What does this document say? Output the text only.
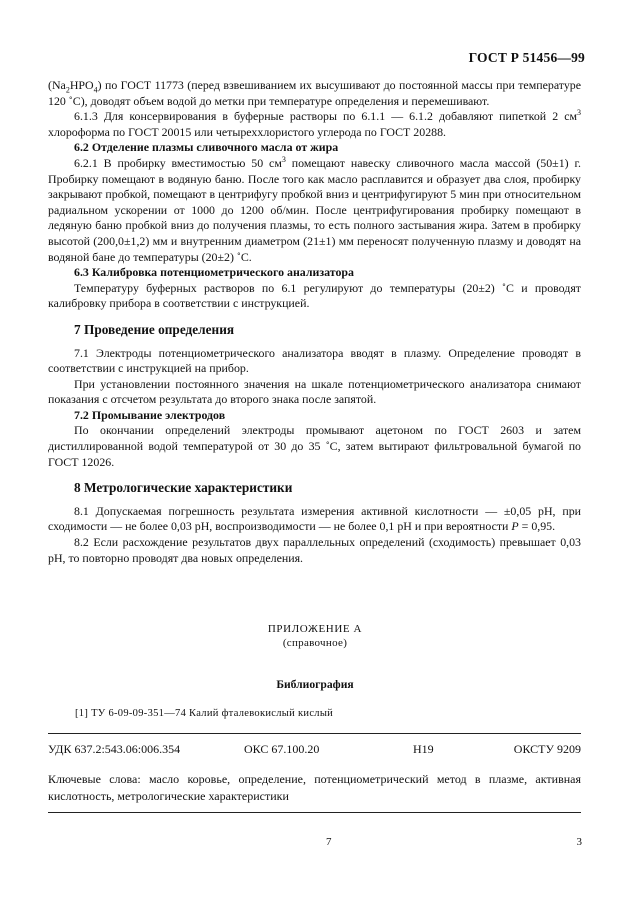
ГОСТ Р 51456—99

$(Na_2HPO_4)$ по ГОСТ 11773 (перед взвешиванием их высушивают до постоянной массы при температуре 120 ˚С), доводят объем водой до метки при температуре определения и перемешивают.

6.1.3 Для консервирования в буферные растворы по 6.1.1 — 6.1.2 добавляют пипеткой 2 $см^3$ хлороформа по ГОСТ 20015 или четыреххлористого углерода по ГОСТ 20288.

6.2 Отделение плазмы сливочного масла от жира

6.2.1 В пробирку вместимостью 50 $см^3$ помещают навеску сливочного масла массой (50±1) г. Пробирку помещают в водяную баню. После того как масло расплавится и образует два слоя, пробирку закрывают пробкой, помещают в центрифугу пробкой вниз и центрифугируют 5 мин при относительном радиальном ускорении от 1000 до 1200 об/мин. После центрифугирования пробирку помещают в ледяную баню пробкой вниз до получения плазмы, то есть полного застывания жира. Затем в пробирку высотой (200,0±1,2) мм и внутренним диаметром (21±1) мм переносят полученную плазму и доводят на водяной бане до температуры (20±2) ˚С.

6.3 Калибровка потенциометрического анализатора

Температуру буферных растворов по 6.1 регулируют до температуры (20±2) ˚С и проводят калибровку прибора в соответствии с инструкцией.

7 Проведение определения

7.1 Электроды потенциометрического анализатора вводят в плазму. Определение проводят в соответствии с инструкцией на прибор.

При установлении постоянного значения на шкале потенциометрического анализатора снимают показания с отсчетом результата до второго знака после запятой.

7.2 Промывание электродов

По окончании определений электроды промывают ацетоном по ГОСТ 2603 и затем дистиллированной водой температурой от 30 до 35 ˚С, затем вытирают фильтровальной бумагой по ГОСТ 12026.

8 Метрологические характеристики

8.1 Допускаемая погрешность результата измерения активной кислотности — ±0,05 рН, при сходимости — не более 0,03 рН, воспроизводимости — не более 0,1 рН и при вероятности P = 0,95.

8.2 Если расхождение результатов двух параллельных определений (сходимость) превышает 0,03 рН, то повторно проводят два новых определения.

ПРИЛОЖЕНИЕ А
(справочное)
Библиография
[1] ТУ 6-09-09-351—74 Калий фталевокислый кислый
УДК 637.2:543.06:006.354	ОКС 67.100.20	Н19	ОКСТУ 9209
Ключевые слова: масло коровье, определение, потенциометрический метод в плазме, активная кислотность, метрологические характеристики
7	3
